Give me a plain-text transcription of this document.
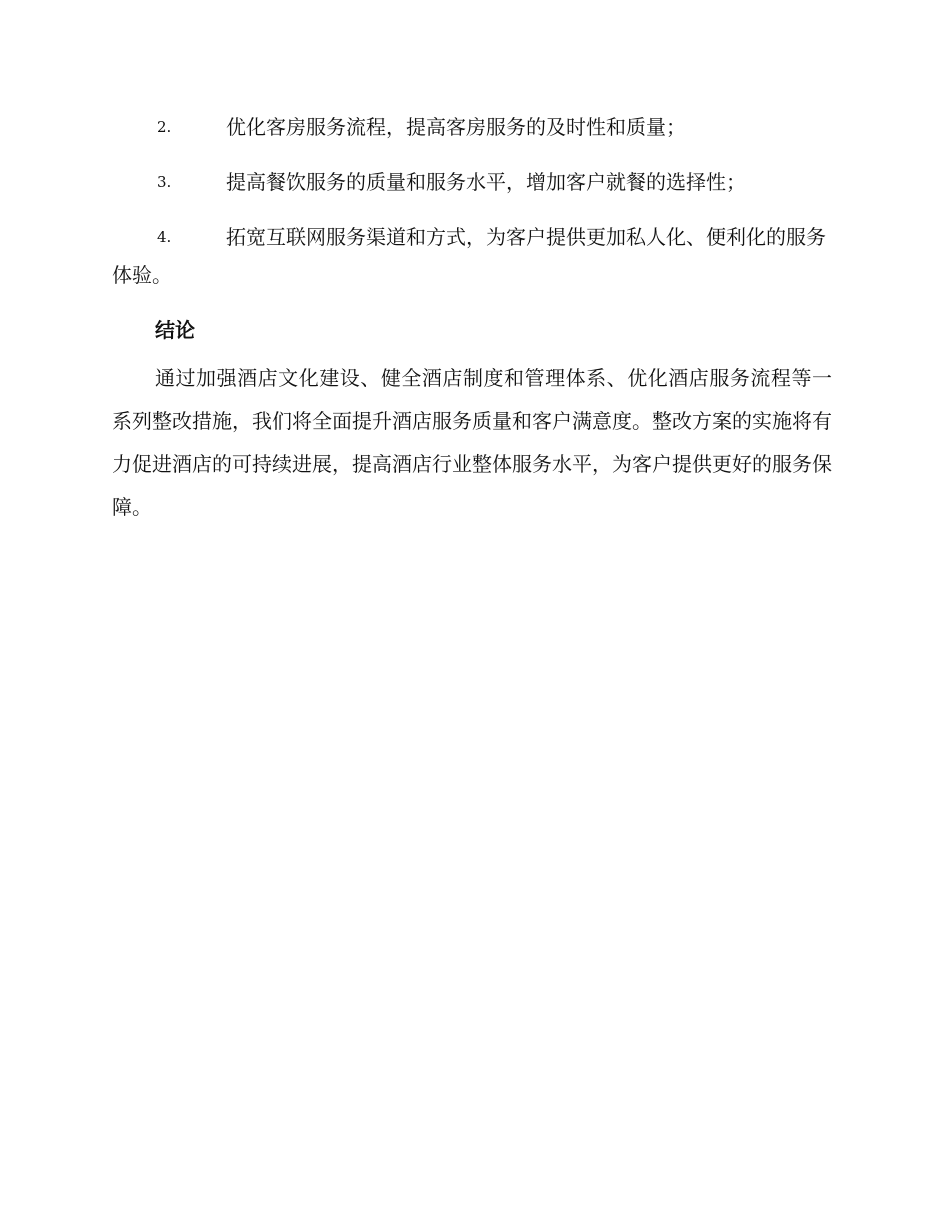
2.	优化客房服务流程，提高客房服务的及时性和质量；
3.	提高餐饮服务的质量和服务水平，增加客户就餐的选择性；
4.	拓宽互联网服务渠道和方式，为客户提供更加私人化、便利化的服务体验。
结论

通过加强酒店文化建设、健全酒店制度和管理体系、优化酒店服务流程等一系列整改措施，我们将全面提升酒店服务质量和客户满意度。整改方案的实施将有力促进酒店的可持续进展，提高酒店行业整体服务水平，为客户提供更好的服务保障。
